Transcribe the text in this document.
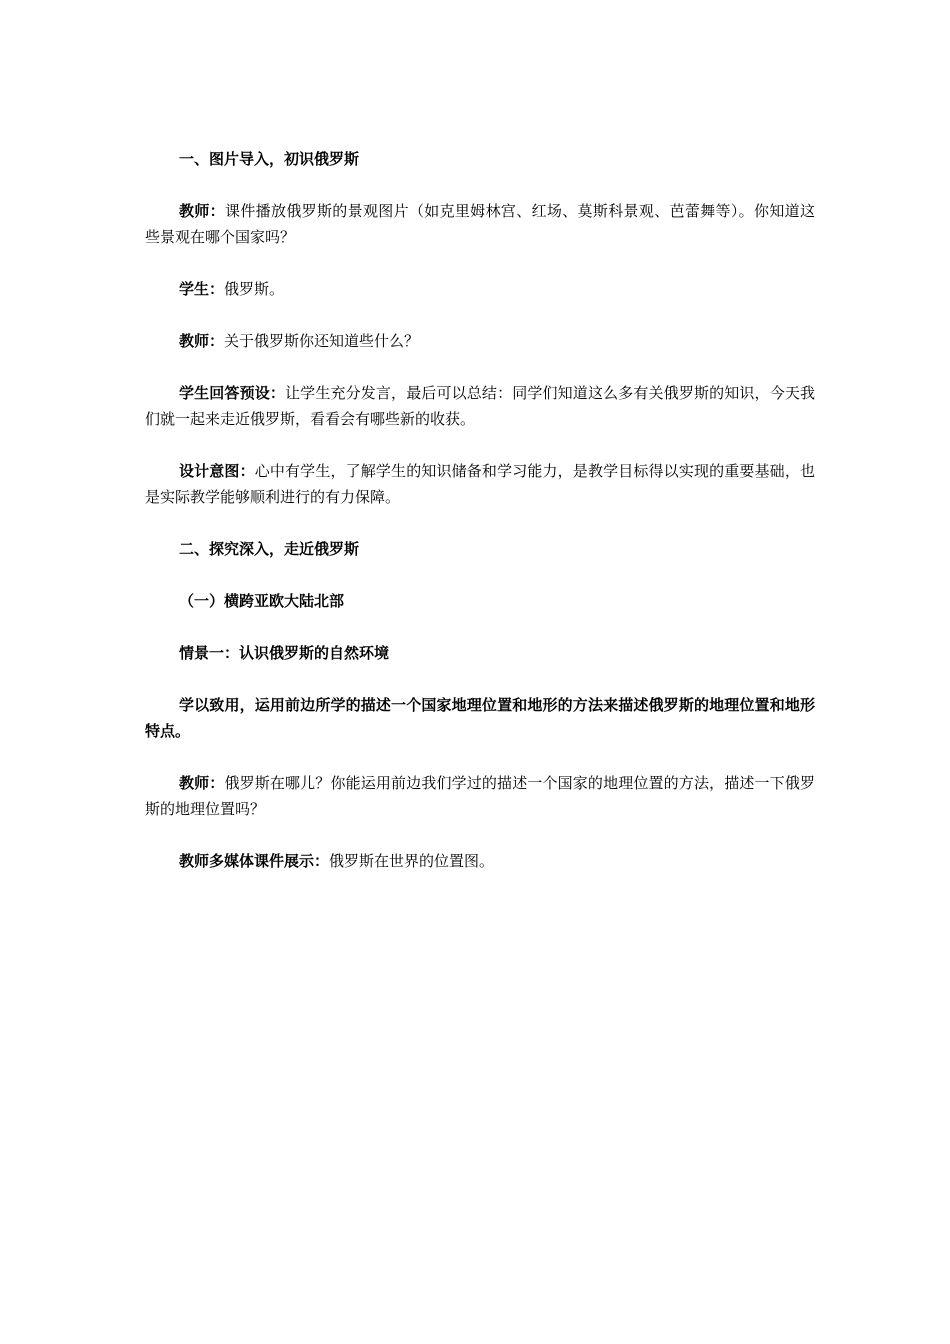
一、图片导入，初识俄罗斯

教师：课件播放俄罗斯的景观图片（如克里姆林宫、红场、莫斯科景观、芭蕾舞等）。你知道这些景观在哪个国家吗？

学生：俄罗斯。

教师：关于俄罗斯你还知道些什么？

学生回答预设：让学生充分发言，最后可以总结：同学们知道这么多有关俄罗斯的知识，今天我们就一起来走近俄罗斯，看看会有哪些新的收获。

设计意图：心中有学生，了解学生的知识储备和学习能力，是教学目标得以实现的重要基础，也是实际教学能够顺利进行的有力保障。

二、探究深入，走近俄罗斯

（一）横跨亚欧大陆北部

情景一：认识俄罗斯的自然环境

学以致用，运用前边所学的描述一个国家地理位置和地形的方法来描述俄罗斯的地理位置和地形特点。

教师：俄罗斯在哪儿？你能运用前边我们学过的描述一个国家的地理位置的方法，描述一下俄罗斯的地理位置吗？

教师多媒体课件展示：俄罗斯在世界的位置图。
